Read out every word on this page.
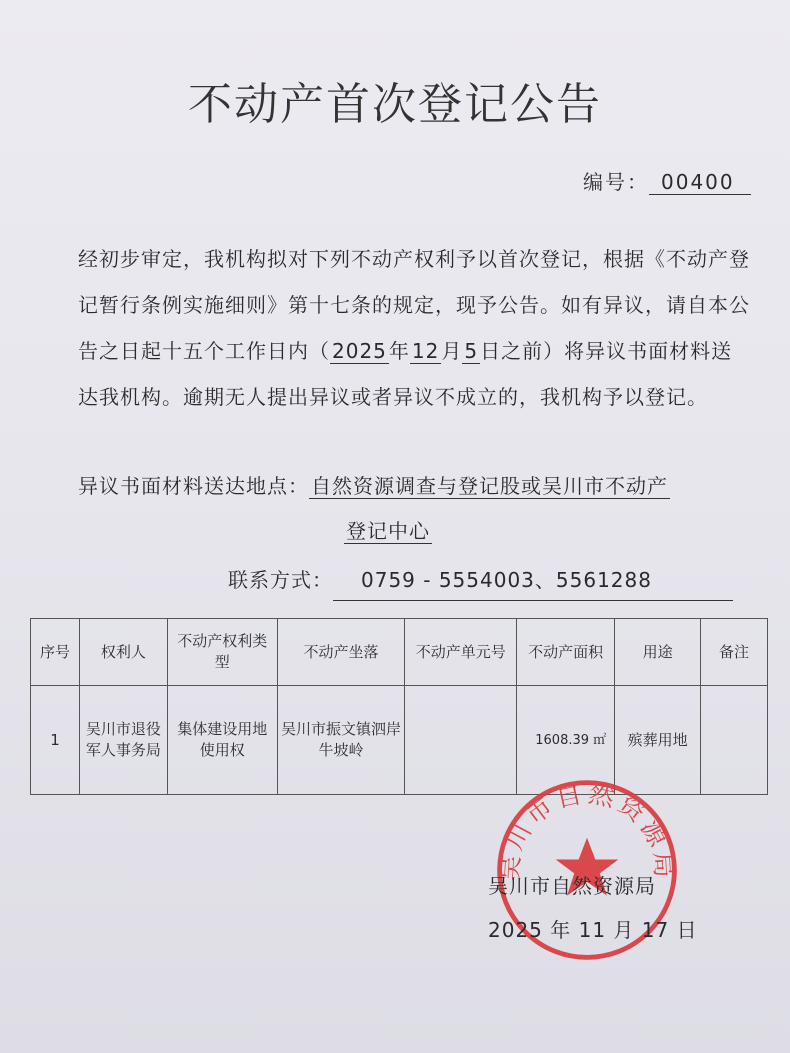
不动产首次登记公告
编号： 00400
经初步审定，我机构拟对下列不动产权利予以首次登记，根据《不动产登记暂行条例实施细则》第十七条的规定，现予公告。如有异议，请自本公告之日起十五个工作日内（ 2025 年 12 月 5 日之前）将异议书面材料送达我机构。逾期无人提出异议或者异议不成立的，我机构予以登记。
异议书面材料送达地点： 自然资源调查与登记股或吴川市不动产
登记中心
联系方式： 0759 - 5554003、5561288
序号	权利人	不动产权利类型	不动产坐落	不动产单元号	不动产面积	用途	备注
1	吴川市退役军人事务局	集体建设用地使用权	吴川市振文镇泗岸牛坡岭		1608.39 ㎡	殡葬用地	
吴川市自然资源局
吴川市自然资源局
2025 年 11 月 17 日
